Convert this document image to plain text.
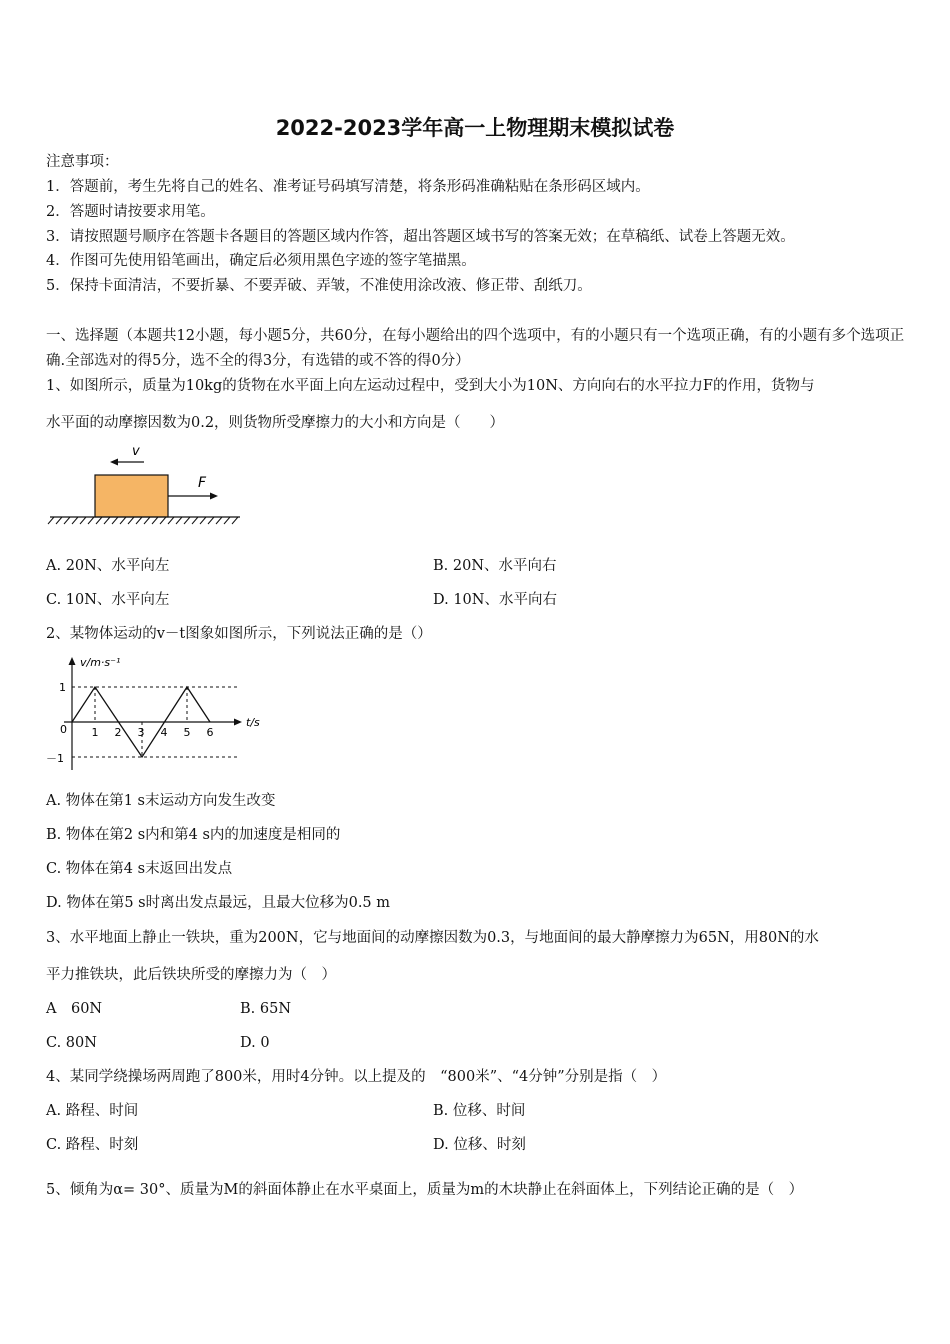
2022-2023学年高一上物理期末模拟试卷
注意事项：
1．答题前，考生先将自己的姓名、准考证号码填写清楚，将条形码准确粘贴在条形码区域内。
2．答题时请按要求用笔。
3．请按照题号顺序在答题卡各题目的答题区域内作答，超出答题区域书写的答案无效；在草稿纸、试卷上答题无效。
4．作图可先使用铅笔画出，确定后必须用黑色字迹的签字笔描黑。
5．保持卡面清洁，不要折暴、不要弄破、弄皱，不准使用涂改液、修正带、刮纸刀。
一、选择题（本题共12小题，每小题5分，共60分，在每小题给出的四个选项中，有的小题只有一个选项正确，有的小题有多个选项正确.全部选对的得5分，选不全的得3分，有选错的或不答的得0分）
1、如图所示，质量为10kg的货物在水平面上向左运动过程中，受到大小为10N、方向向右的水平拉力F的作用，货物与
水平面的动摩擦因数为0.2，则货物所受摩擦力的大小和方向是（　　）
v
F
A. 20N、水平向左	B. 20N、水平向右
C. 10N、水平向左	D. 10N、水平向右
2、某物体运动的v－t图象如图所示，下列说法正确的是（）
v/m·s⁻¹
t/s
0
1
－1
1 2 3 4 5 6
A. 物体在第1 s末运动方向发生改变
B. 物体在第2 s内和第4 s内的加速度是相同的
C. 物体在第4 s末返回出发点
D. 物体在第5 s时离出发点最远，且最大位移为0.5 m
3、水平地面上静止一铁块，重为200N，它与地面间的动摩擦因数为0.3，与地面间的最大静摩擦力为65N，用80N的水
平力推铁块，此后铁块所受的摩擦力为（　）
A　60N	B. 65N
C. 80N	D. 0
4、某同学绕操场两周跑了800米，用时4分钟。以上提及的　“800米”、“4分钟”分别是指（　）
A. 路程、时间	B. 位移、时间
C. 路程、时刻	D. 位移、时刻
5、倾角为α= 30°、质量为M的斜面体静止在水平桌面上，质量为m的木块静止在斜面体上，下列结论正确的是（　）
